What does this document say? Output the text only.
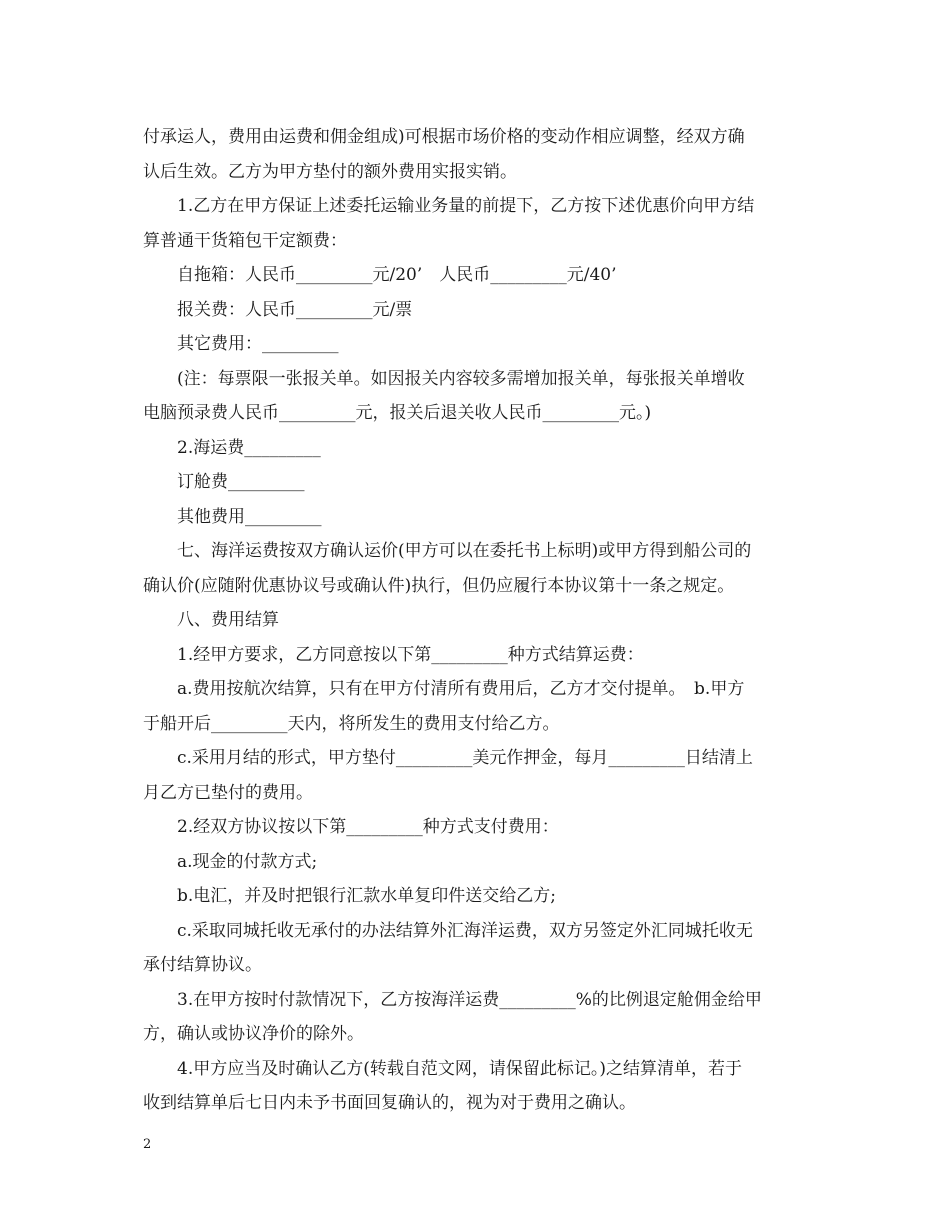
付承运人，费用由运费和佣金组成)可根据市场价格的变动作相应调整，经双方确
认后生效。乙方为甲方垫付的额外费用实报实销。
1.乙方在甲方保证上述委托运输业务量的前提下，乙方按下述优惠价向甲方结
算普通干货箱包干定额费：
自拖箱：人民币_________元/20’　人民币_________元/40’
报关费：人民币_________元/票
其它费用：_________
(注：每票限一张报关单。如因报关内容较多需增加报关单，每张报关单增收
电脑预录费人民币_________元，报关后退关收人民币_________元。)
2.海运费_________
订舱费_________
其他费用_________
七、海洋运费按双方确认运价(甲方可以在委托书上标明)或甲方得到船公司的
确认价(应随附优惠协议号或确认件)执行，但仍应履行本协议第十一条之规定。
八、费用结算
1.经甲方要求，乙方同意按以下第_________种方式结算运费：
a.费用按航次结算，只有在甲方付清所有费用后，乙方才交付提单。　b.甲方
于船开后_________天内，将所发生的费用支付给乙方。
c.采用月结的形式，甲方垫付_________美元作押金，每月_________日结清上
月乙方已垫付的费用。
2.经双方协议按以下第_________种方式支付费用：
a.现金的付款方式;
b.电汇，并及时把银行汇款水单复印件送交给乙方;
c.采取同城托收无承付的办法结算外汇海洋运费，双方另签定外汇同城托收无
承付结算协议。
3.在甲方按时付款情况下，乙方按海洋运费_________%的比例退定舱佣金给甲
方，确认或协议净价的除外。
4.甲方应当及时确认乙方(转载自范文网，请保留此标记。)之结算清单，若于
收到结算单后七日内未予书面回复确认的，视为对于费用之确认。
2
